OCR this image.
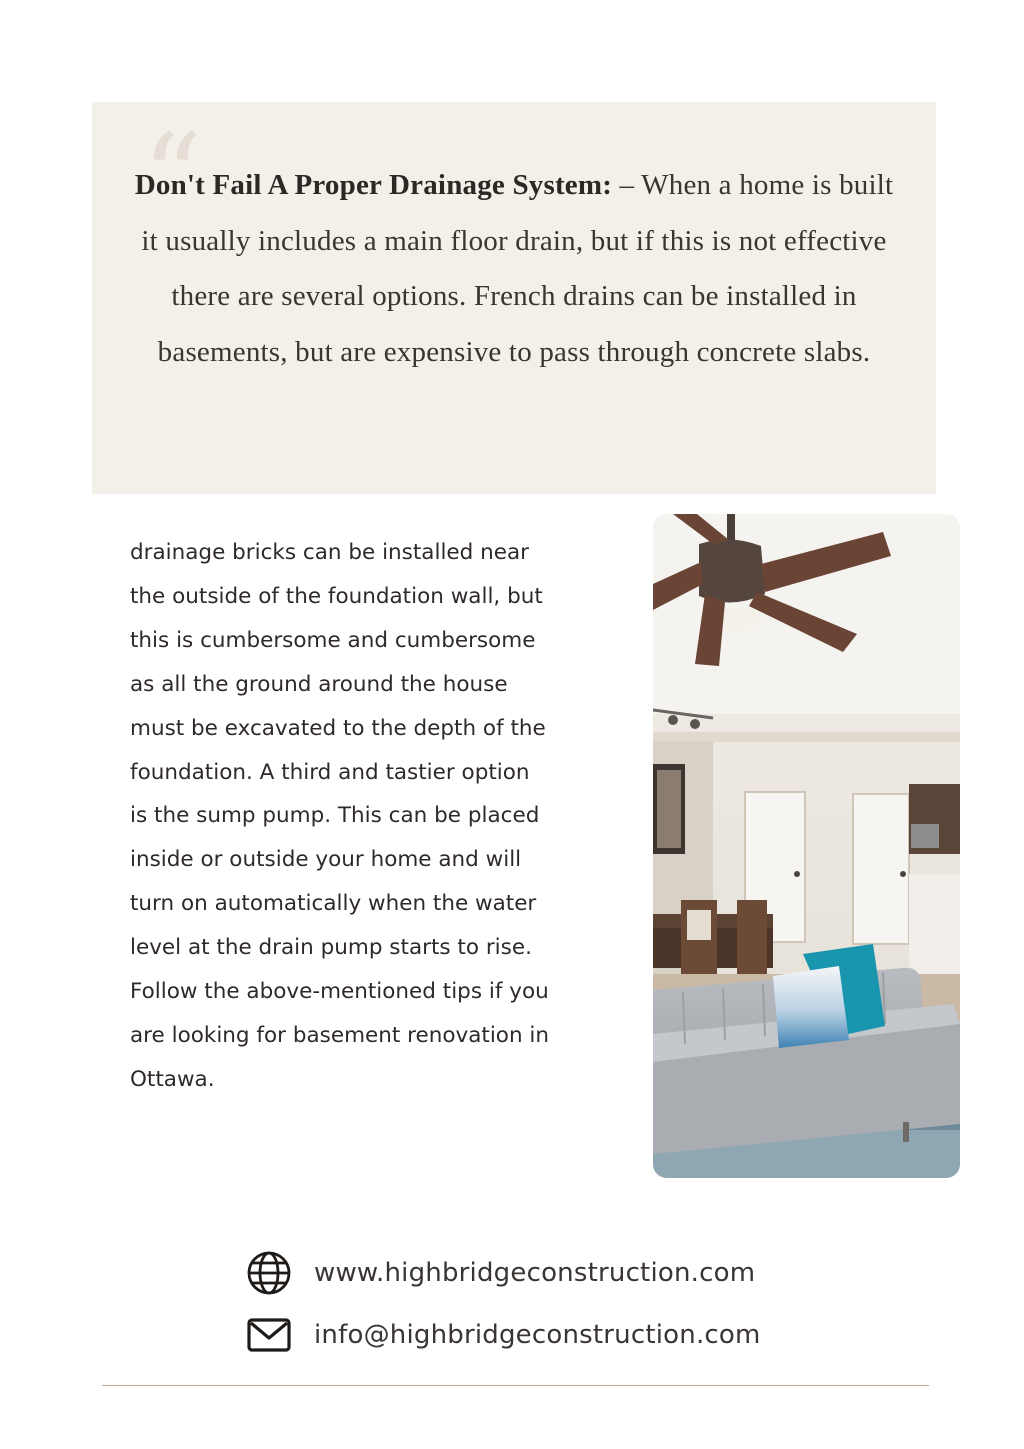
“
Don't Fail A Proper Drainage System: – When a home is built it usually includes a main floor drain, but if this is not effective there are several options. French drains can be installed in basements, but are expensive to pass through concrete slabs.
drainage bricks can be installed near
the outside of the foundation wall, but
this is cumbersome and cumbersome
as all the ground around the house
must be excavated to the depth of the
foundation. A third and tastier option
is the sump pump. This can be placed
inside or outside your home and will
turn on automatically when the water
level at the drain pump starts to rise.
Follow the above-mentioned tips if you
are looking for basement renovation in
Ottawa.
www.highbridgeconstruction.com
info@highbridgeconstruction.com
